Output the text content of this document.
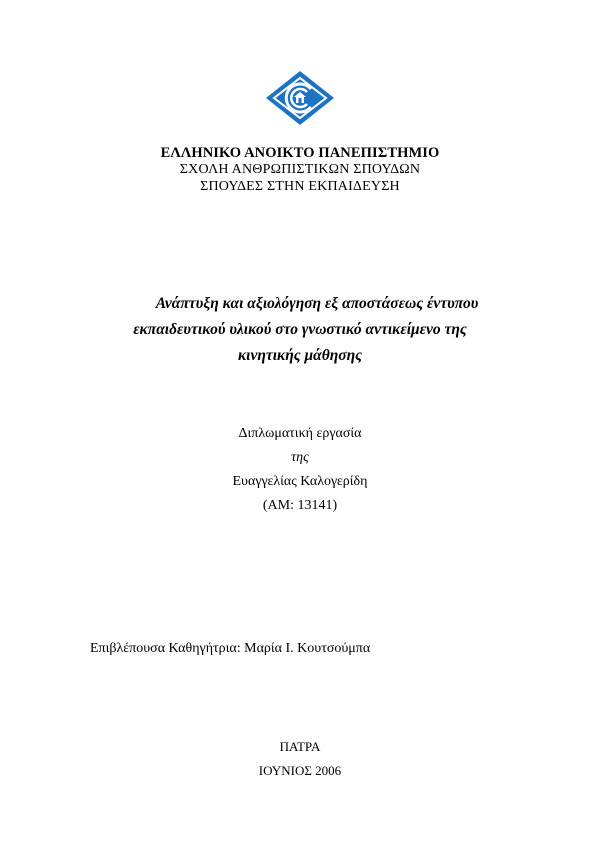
ΕΛΛΗΝΙΚΟ ΑΝΟΙΚΤΟ ΠΑΝΕΠΙΣΤΗΜΙΟ
ΣΧΟΛΗ ΑΝΘΡΩΠΙΣΤΙΚΩΝ ΣΠΟΥΔΩΝ
ΣΠΟΥΔΕΣ ΣΤΗΝ ΕΚΠΑΙΔΕΥΣΗ
Ανάπτυξη και αξιολόγηση εξ αποστάσεως έντυπου
εκπαιδευτικού υλικού στο γνωστικό αντικείμενο της
κινητικής μάθησης
Διπλωματική εργασία
της
Ευαγγελίας Καλογερίδη
(ΑΜ: 13141)
Επιβλέπουσα Καθηγήτρια: Μαρία Ι. Κουτσούμπα
ΠΑΤΡΑ
ΙΟΥΝΙΟΣ 2006
